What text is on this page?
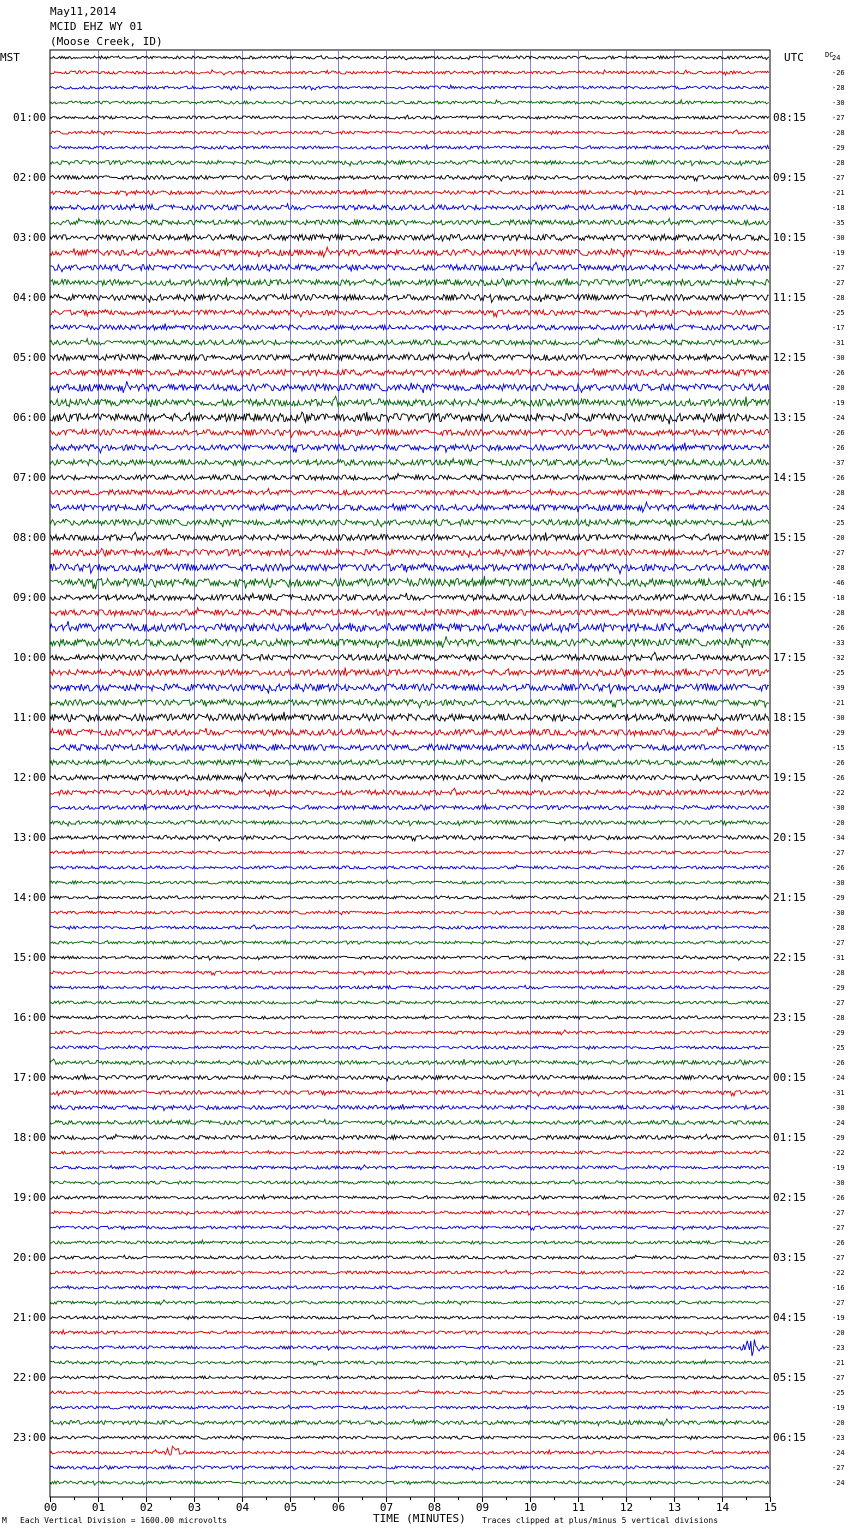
May11,2014
MCID EHZ WY 01
(Moose Creek, ID)
00	01	02	03	04	05	06	07	08	09	10	11	12	13	14	15
MST	UTC	DC
24
-26
-28
-30
-27
-28
-29
-28
01:00	08:15
-27
-21
-18
-35
02:00	09:15
-30
-19
-27
-27
03:00	10:15
-28
-25
-17
-31
04:00	11:15
-30
-26
-20
-19
05:00	12:15
-24
-26
-26
-37
06:00	13:15
-26
-28
-24
-25
07:00	14:15
-20
-27
-28
-46
08:00	15:15
-18
-28
-26
-33
09:00	16:15
-32
-25
-39
-21
10:00	17:15
-30
-29
-15
-26
11:00	18:15
-26
-22
-30
-20
12:00	19:15
-34
-27
-26
-30
13:00	20:15
-29
-30
-28
-27
14:00	21:15
-31
-28
-29
-27
15:00	22:15
-28
-29
-25
-26
16:00	23:15
-24
-31
-30
-24
17:00	00:15
-29
-22
-19
-30
18:00	01:15
-26
-27
-27
-26
19:00	02:15
-27
-22
-16
-27
20:00	03:15
-19
-20
-23
-21
21:00	04:15
-27
-25
-19
-20
22:00	05:15
-23
-24
-27
-24
23:00	06:15
TIME (MINUTES)
M Each Vertical Division = 1600.00 microvolts	Traces clipped at plus/minus 5 vertical divisions
